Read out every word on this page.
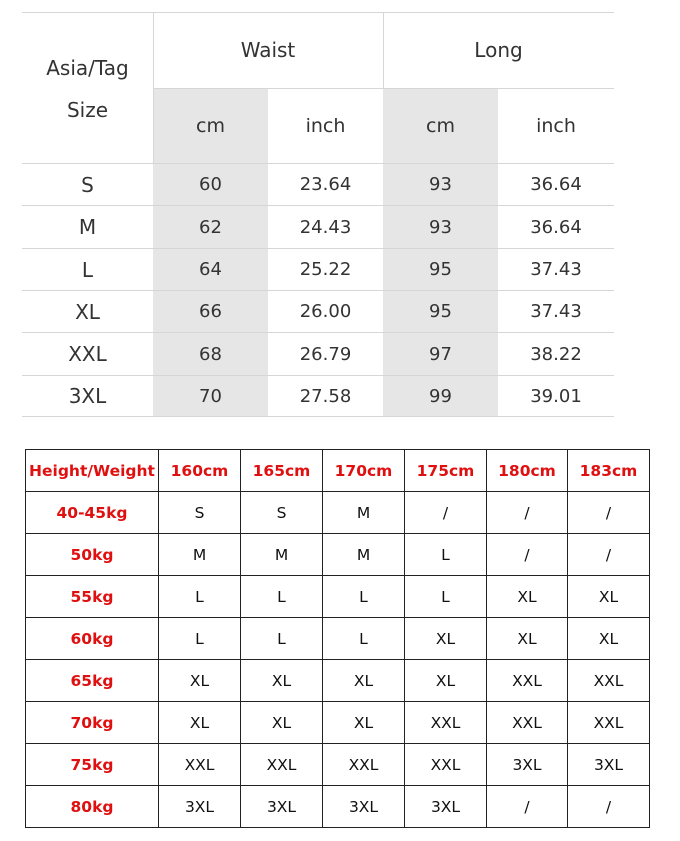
Asia/Tag
Size
Waist	Long
cm	inch	cm	inch
S	60	23.64	93	36.64
M	62	24.43	93	36.64
L	64	25.22	95	37.43
XL	66	26.00	95	37.43
XXL	68	26.79	97	38.22
3XL	70	27.58	99	39.01
Height/Weight	160cm	165cm	170cm	175cm	180cm	183cm
40-45kg	S	S	M	/	/	/
50kg	M	M	M	L	/	/
55kg	L	L	L	L	XL	XL
60kg	L	L	L	XL	XL	XL
65kg	XL	XL	XL	XL	XXL	XXL
70kg	XL	XL	XL	XXL	XXL	XXL
75kg	XXL	XXL	XXL	XXL	3XL	3XL
80kg	3XL	3XL	3XL	3XL	/	/
